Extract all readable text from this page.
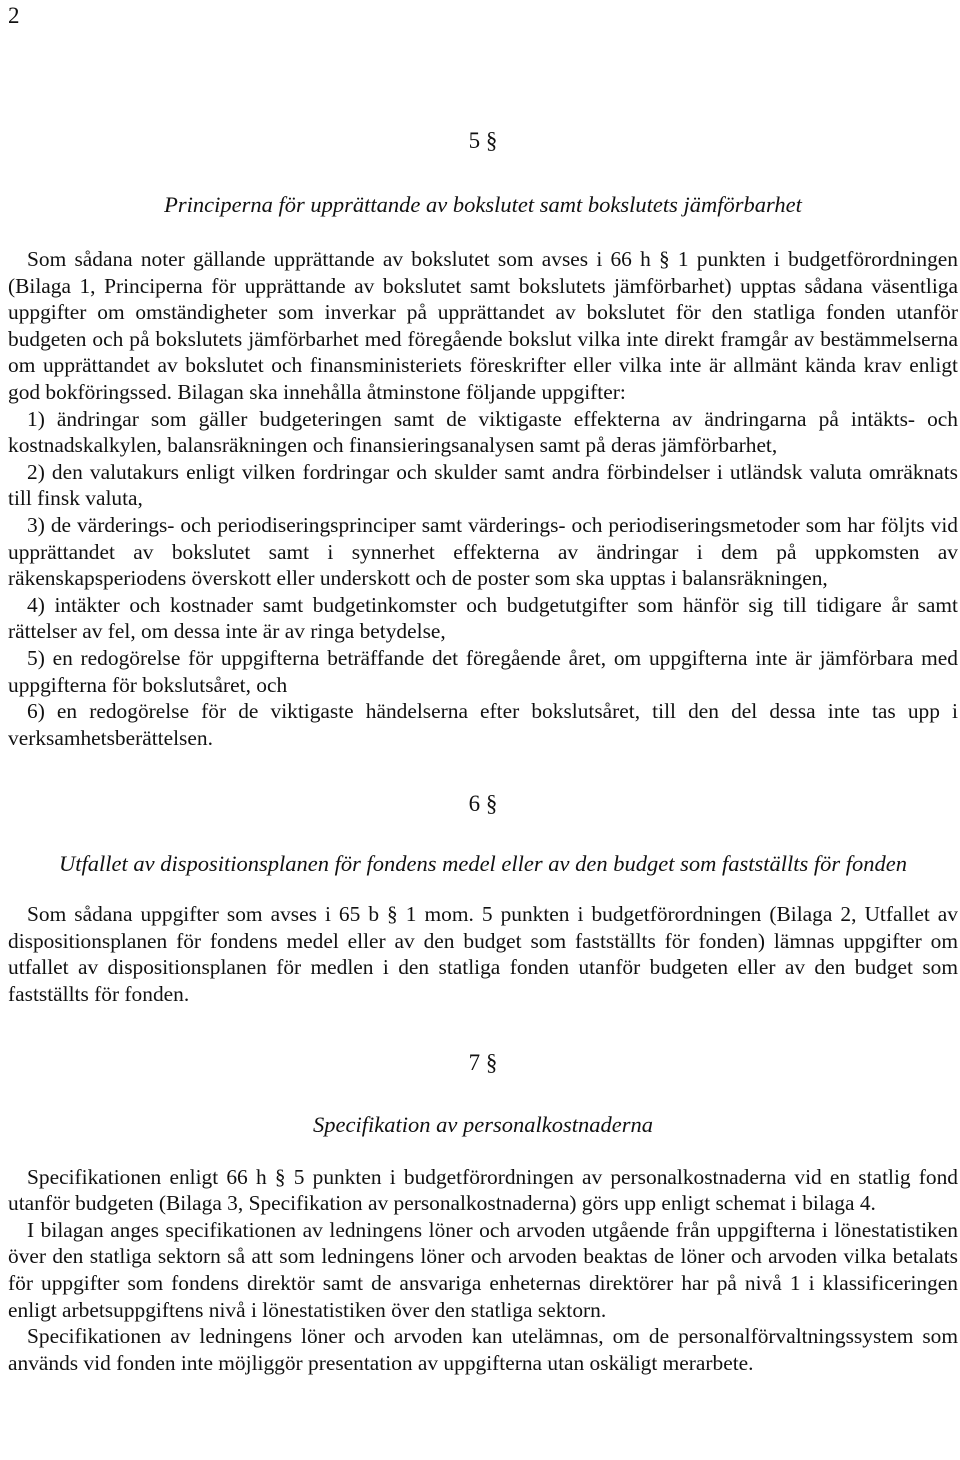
2
5 §
Principerna för upprättande av bokslutet samt bokslutets jämförbarhet

Som sådana noter gällande upprättande av bokslutet som avses i 66 h § 1 punkten i budgetförordningen (Bilaga 1, Principerna för upprättande av bokslutet samt bokslutets jämförbarhet) upptas sådana väsentliga uppgifter om omständigheter som inverkar på upprättandet av bokslutet för den statliga fonden utanför budgeten och på bokslutets jämförbarhet med föregående bokslut vilka inte direkt framgår av bestämmelserna om upprättandet av bokslutet och finansministeriets föreskrifter eller vilka inte är allmänt kända krav enligt god bokföringssed. Bilagan ska innehålla åtminstone följande uppgifter:

1) ändringar som gäller budgeteringen samt de viktigaste effekterna av ändringarna på intäkts- och kostnadskalkylen, balansräkningen och finansieringsanalysen samt på deras jämförbarhet,

2) den valutakurs enligt vilken fordringar och skulder samt andra förbindelser i utländsk valuta omräknats till finsk valuta,

3) de värderings- och periodiseringsprinciper samt värderings- och periodiseringsmetoder som har följts vid upprättandet av bokslutet samt i synnerhet effekterna av ändringar i dem på uppkomsten av räkenskapsperiodens överskott eller underskott och de poster som ska upptas i balansräkningen,

4) intäkter och kostnader samt budgetinkomster och budgetutgifter som hänför sig till tidigare år samt rättelser av fel, om dessa inte är av ringa betydelse,

5) en redogörelse för uppgifterna beträffande det föregående året, om uppgifterna inte är jämförbara med uppgifterna för bokslutsåret, och

6) en redogörelse för de viktigaste händelserna efter bokslutsåret, till den del dessa inte tas upp i verksamhetsberättelsen.

6 §
Utfallet av dispositionsplanen för fondens medel eller av den budget som fastställts för fonden

Som sådana uppgifter som avses i 65 b § 1 mom. 5 punkten i budgetförordningen (Bilaga 2, Utfallet av dispositionsplanen för fondens medel eller av den budget som fastställts för fonden) lämnas uppgifter om utfallet av dispositionsplanen för medlen i den statliga fonden utanför budgeten eller av den budget som fastställts för fonden.

7 §
Specifikation av personalkostnaderna

Specifikationen enligt 66 h § 5 punkten i budgetförordningen av personalkostnaderna vid en statlig fond utanför budgeten (Bilaga 3, Specifikation av personalkostnaderna) görs upp enligt schemat i bilaga 4.

I bilagan anges specifikationen av ledningens löner och arvoden utgående från uppgifterna i lönestatistiken över den statliga sektorn så att som ledningens löner och arvoden beaktas de löner och arvoden vilka betalats för uppgifter som fondens direktör samt de ansvariga enheternas direktörer har på nivå 1 i klassificeringen enligt arbetsuppgiftens nivå i lönestatistiken över den statliga sektorn.

Specifikationen av ledningens löner och arvoden kan utelämnas, om de personalförvaltningssystem som används vid fonden inte möjliggör presentation av uppgifterna utan oskäligt merarbete.
